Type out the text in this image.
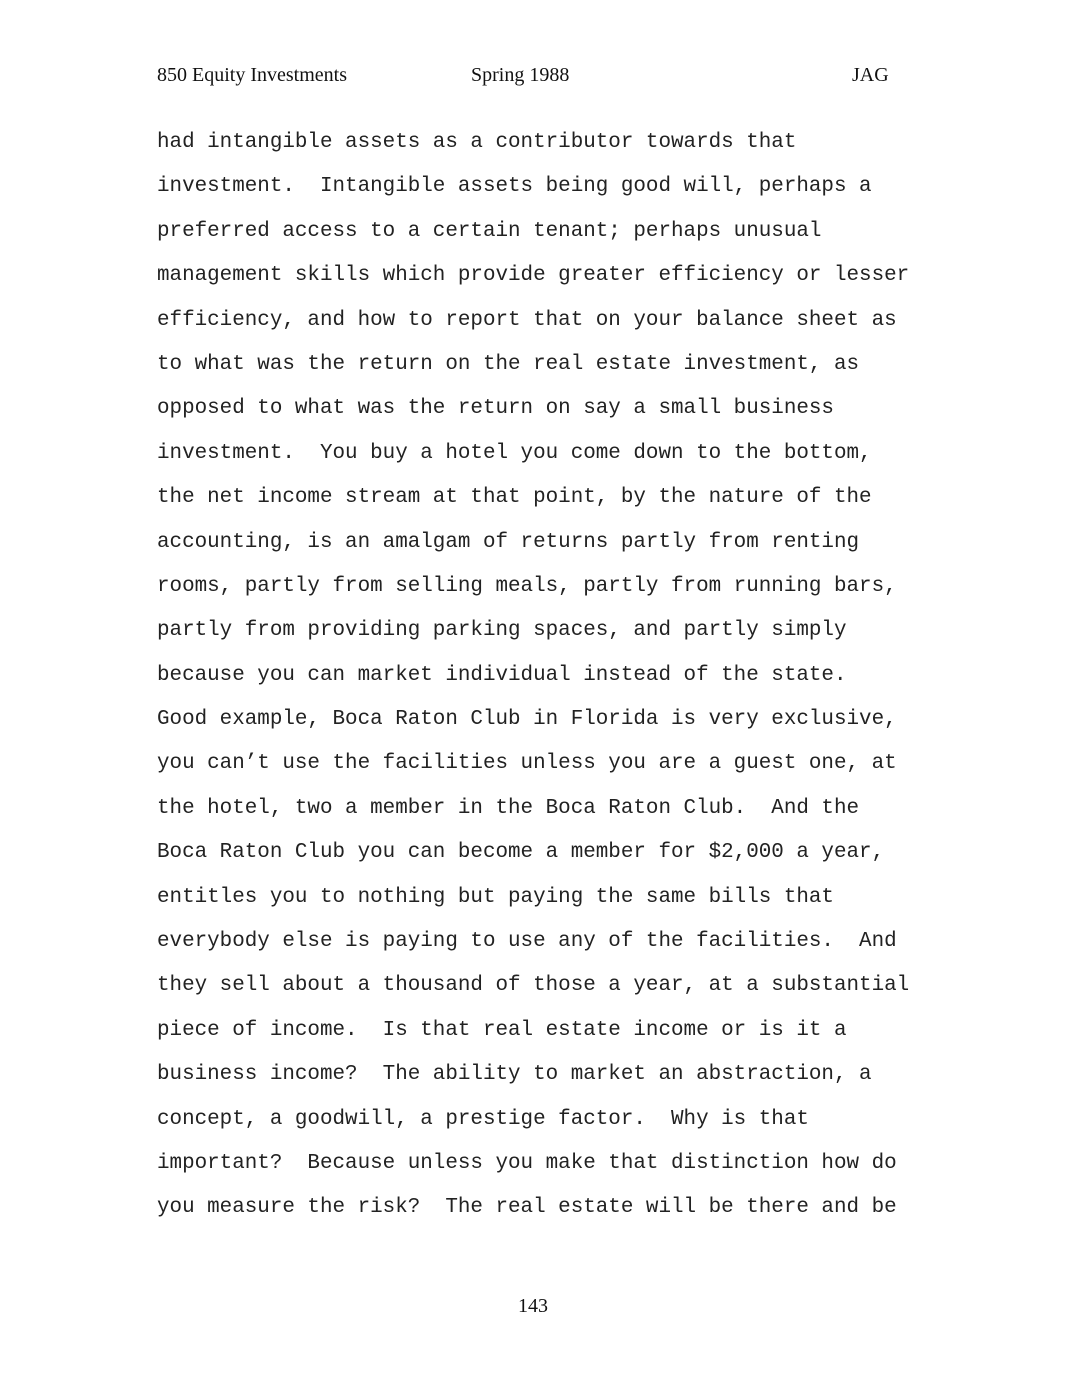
850 Equity Investments	Spring 1988	JAG
had intangible assets as a contributor towards that
investment.  Intangible assets being good will, perhaps a
preferred access to a certain tenant; perhaps unusual
management skills which provide greater efficiency or lesser
efficiency, and how to report that on your balance sheet as
to what was the return on the real estate investment, as
opposed to what was the return on say a small business
investment.  You buy a hotel you come down to the bottom,
the net income stream at that point, by the nature of the
accounting, is an amalgam of returns partly from renting
rooms, partly from selling meals, partly from running bars,
partly from providing parking spaces, and partly simply
because you can market individual instead of the state.
Good example, Boca Raton Club in Florida is very exclusive,
you can’t use the facilities unless you are a guest one, at
the hotel, two a member in the Boca Raton Club.  And the
Boca Raton Club you can become a member for $2,000 a year,
entitles you to nothing but paying the same bills that
everybody else is paying to use any of the facilities.  And
they sell about a thousand of those a year, at a substantial
piece of income.  Is that real estate income or is it a
business income?  The ability to market an abstraction, a
concept, a goodwill, a prestige factor.  Why is that
important?  Because unless you make that distinction how do
you measure the risk?  The real estate will be there and be
143
